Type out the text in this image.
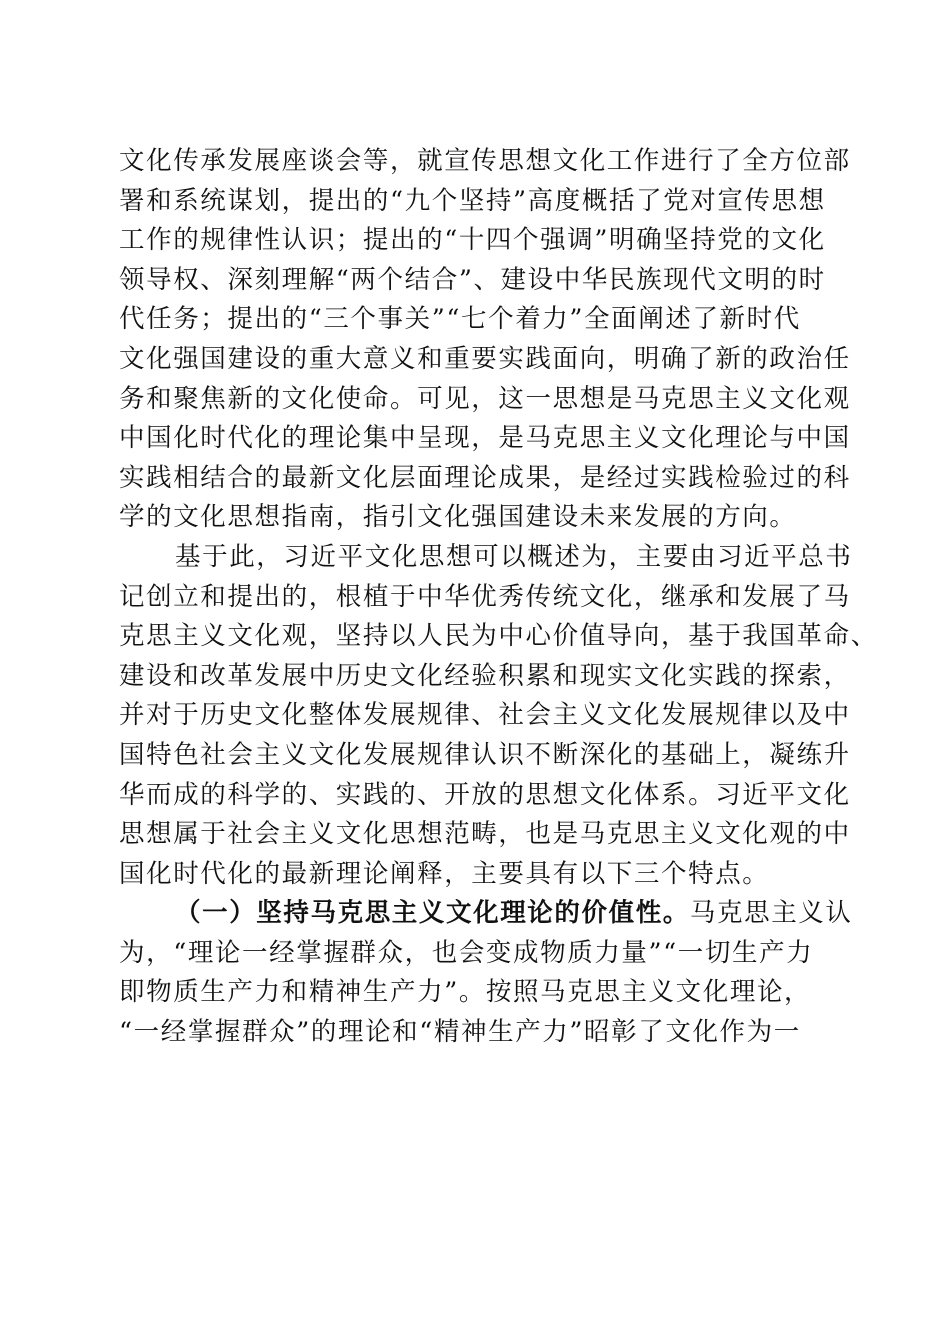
文化传承发展座谈会等，就宣传思想文化工作进行了全方位部
署和系统谋划，提出的“九个坚持”高度概括了党对宣传思想
工作的规律性认识；提出的“十四个强调”明确坚持党的文化
领导权、深刻理解“两个结合”、建设中华民族现代文明的时
代任务；提出的“三个事关”“七个着力”全面阐述了新时代
文化强国建设的重大意义和重要实践面向，明确了新的政治任
务和聚焦新的文化使命。可见，这一思想是马克思主义文化观
中国化时代化的理论集中呈现，是马克思主义文化理论与中国
实践相结合的最新文化层面理论成果，是经过实践检验过的科
学的文化思想指南，指引文化强国建设未来发展的方向。
基于此，习近平文化思想可以概述为，主要由习近平总书
记创立和提出的，根植于中华优秀传统文化，继承和发展了马
克思主义文化观，坚持以人民为中心价值导向，基于我国革命、
建设和改革发展中历史文化经验积累和现实文化实践的探索，
并对于历史文化整体发展规律、社会主义文化发展规律以及中
国特色社会主义文化发展规律认识不断深化的基础上，凝练升
华而成的科学的、实践的、开放的思想文化体系。习近平文化
思想属于社会主义文化思想范畴，也是马克思主义文化观的中
国化时代化的最新理论阐释，主要具有以下三个特点。
（一）坚持马克思主义文化理论的价值性。马克思主义认
为，“理论一经掌握群众，也会变成物质力量”“一切生产力
即物质生产力和精神生产力”。按照马克思主义文化理论，
“一经掌握群众”的理论和“精神生产力”昭彰了文化作为一
